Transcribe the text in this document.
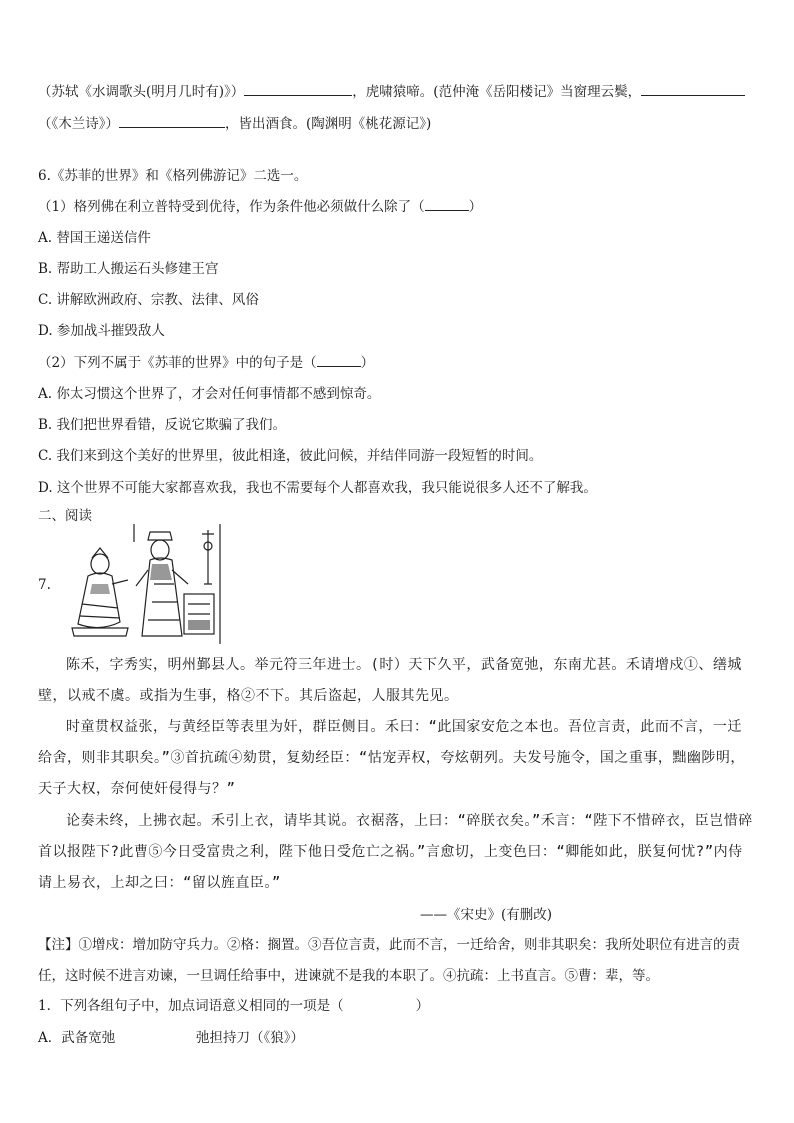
（苏轼《水调歌头(明月几时有)》）	，虎啸猿啼。(范仲淹《岳阳楼记》当窗理云鬓，
（《木兰诗》）	，皆出酒食。(陶渊明《桃花源记》)
6.《苏菲的世界》和《格列佛游记》二选一。
（1）格列佛在利立普特受到优待，作为条件他必须做什么除了（	）
A. 替国王递送信件
B. 帮助工人搬运石头修建王宫
C. 讲解欧洲政府、宗教、法律、风俗
D. 参加战斗摧毁敌人
（2）下列不属于《苏菲的世界》中的句子是（	）
A. 你太习惯这个世界了，才会对任何事情都不感到惊奇。
B. 我们把世界看错，反说它欺骗了我们。
C. 我们来到这个美好的世界里，彼此相逢，彼此问候，并结伴同游一段短暂的时间。
D. 这个世界不可能大家都喜欢我，我也不需要每个人都喜欢我，我只能说很多人还不了解我。
二、阅读
7.
陈禾，字秀实，明州鄞县人。举元符三年进士。(时）天下久平，武备宽弛，东南尤甚。禾请增戍①、缮城壁，以戒不虞。或指为生事，格②不下。其后盗起，人服其先见。
时童贯权益张，与黄经臣等表里为奸，群臣侧目。禾曰：“此国家安危之本也。吾位言责，此而不言，一迁给舍，则非其职矣。”③首抗疏④劾贯，复劾经臣：“怙宠弄权，夸炫朝列。夫发号施令，国之重事，黜幽陟明，天子大权，奈何使奸侵得与？”
论奏未终，上拂衣起。禾引上衣，请毕其说。衣裾落，上曰：“碎朕衣矣。”禾言：“陛下不惜碎衣，臣岂惜碎首以报陛下?此曹⑤今日受富贵之利，陛下他日受危亡之祸。”言愈切，上变色曰：“卿能如此，朕复何忧?”内侍请上易衣，上却之曰：“留以旌直臣。”
——《宋史》(有删改)
【注】①增戍：增加防守兵力。②格：搁置。③吾位言责，此而不言，一迁给舍，则非其职矣：我所处职位有进言的责任，这时候不进言劝谏，一旦调任给事中，进谏就不是我的本职了。④抗疏：上书直言。⑤曹：辈，等。
1．下列各组句子中，加点词语意义相同的一项是（	）
A．武备宽弛	弛担持刀（《狼》）
